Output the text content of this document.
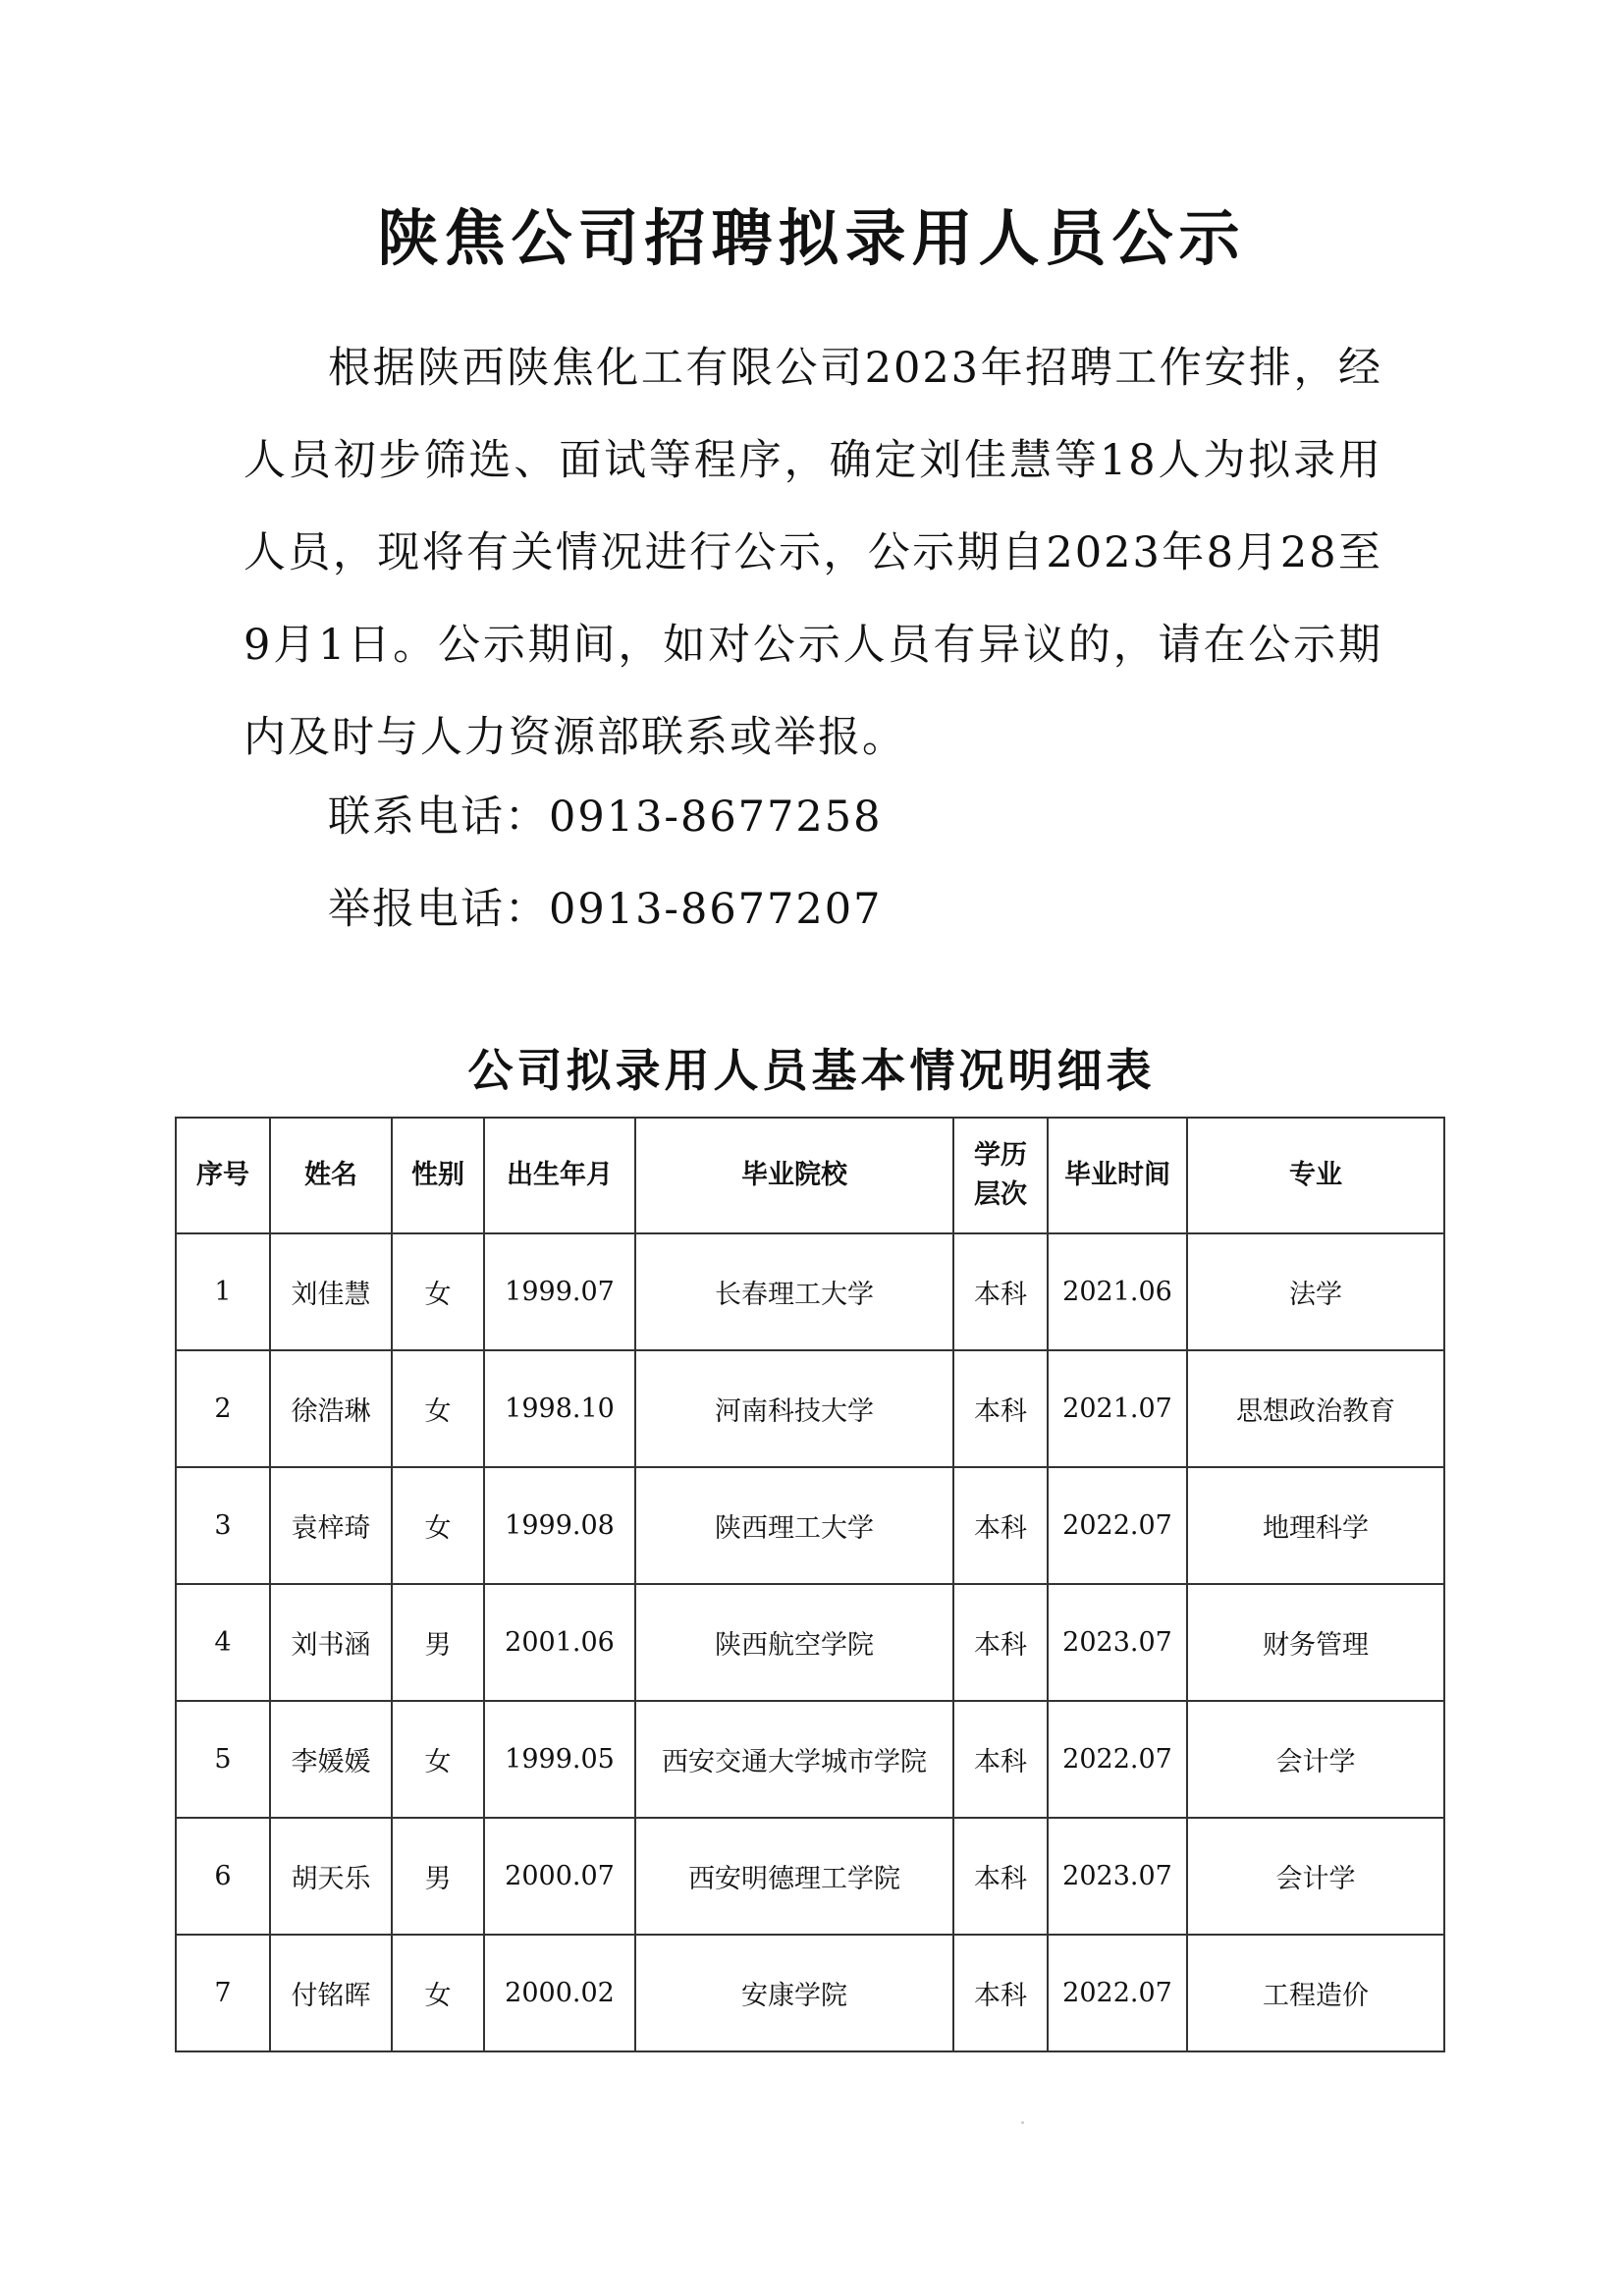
陕焦公司招聘拟录用人员公示

根据陕西陕焦化工有限公司2023年招聘工作安排，经人员初步筛选、面试等程序，确定刘佳慧等18人为拟录用人员，现将有关情况进行公示，公示期自2023年8月28至9月1日。公示期间，如对公示人员有异议的，请在公示期内及时与人力资源部联系或举报。

联系电话：0913-8677258

举报电话：0913-8677207

公司拟录用人员基本情况明细表
序号	姓名	性别	出生年月	毕业院校	学历层次	毕业时间	专业
1	刘佳慧	女	1999.07	长春理工大学	本科	2021.06	法学
2	徐浩琳	女	1998.10	河南科技大学	本科	2021.07	思想政治教育
3	袁梓琦	女	1999.08	陕西理工大学	本科	2022.07	地理科学
4	刘书涵	男	2001.06	陕西航空学院	本科	2023.07	财务管理
5	李媛媛	女	1999.05	西安交通大学城市学院	本科	2022.07	会计学
6	胡天乐	男	2000.07	西安明德理工学院	本科	2023.07	会计学
7	付铭晖	女	2000.02	安康学院	本科	2022.07	工程造价
